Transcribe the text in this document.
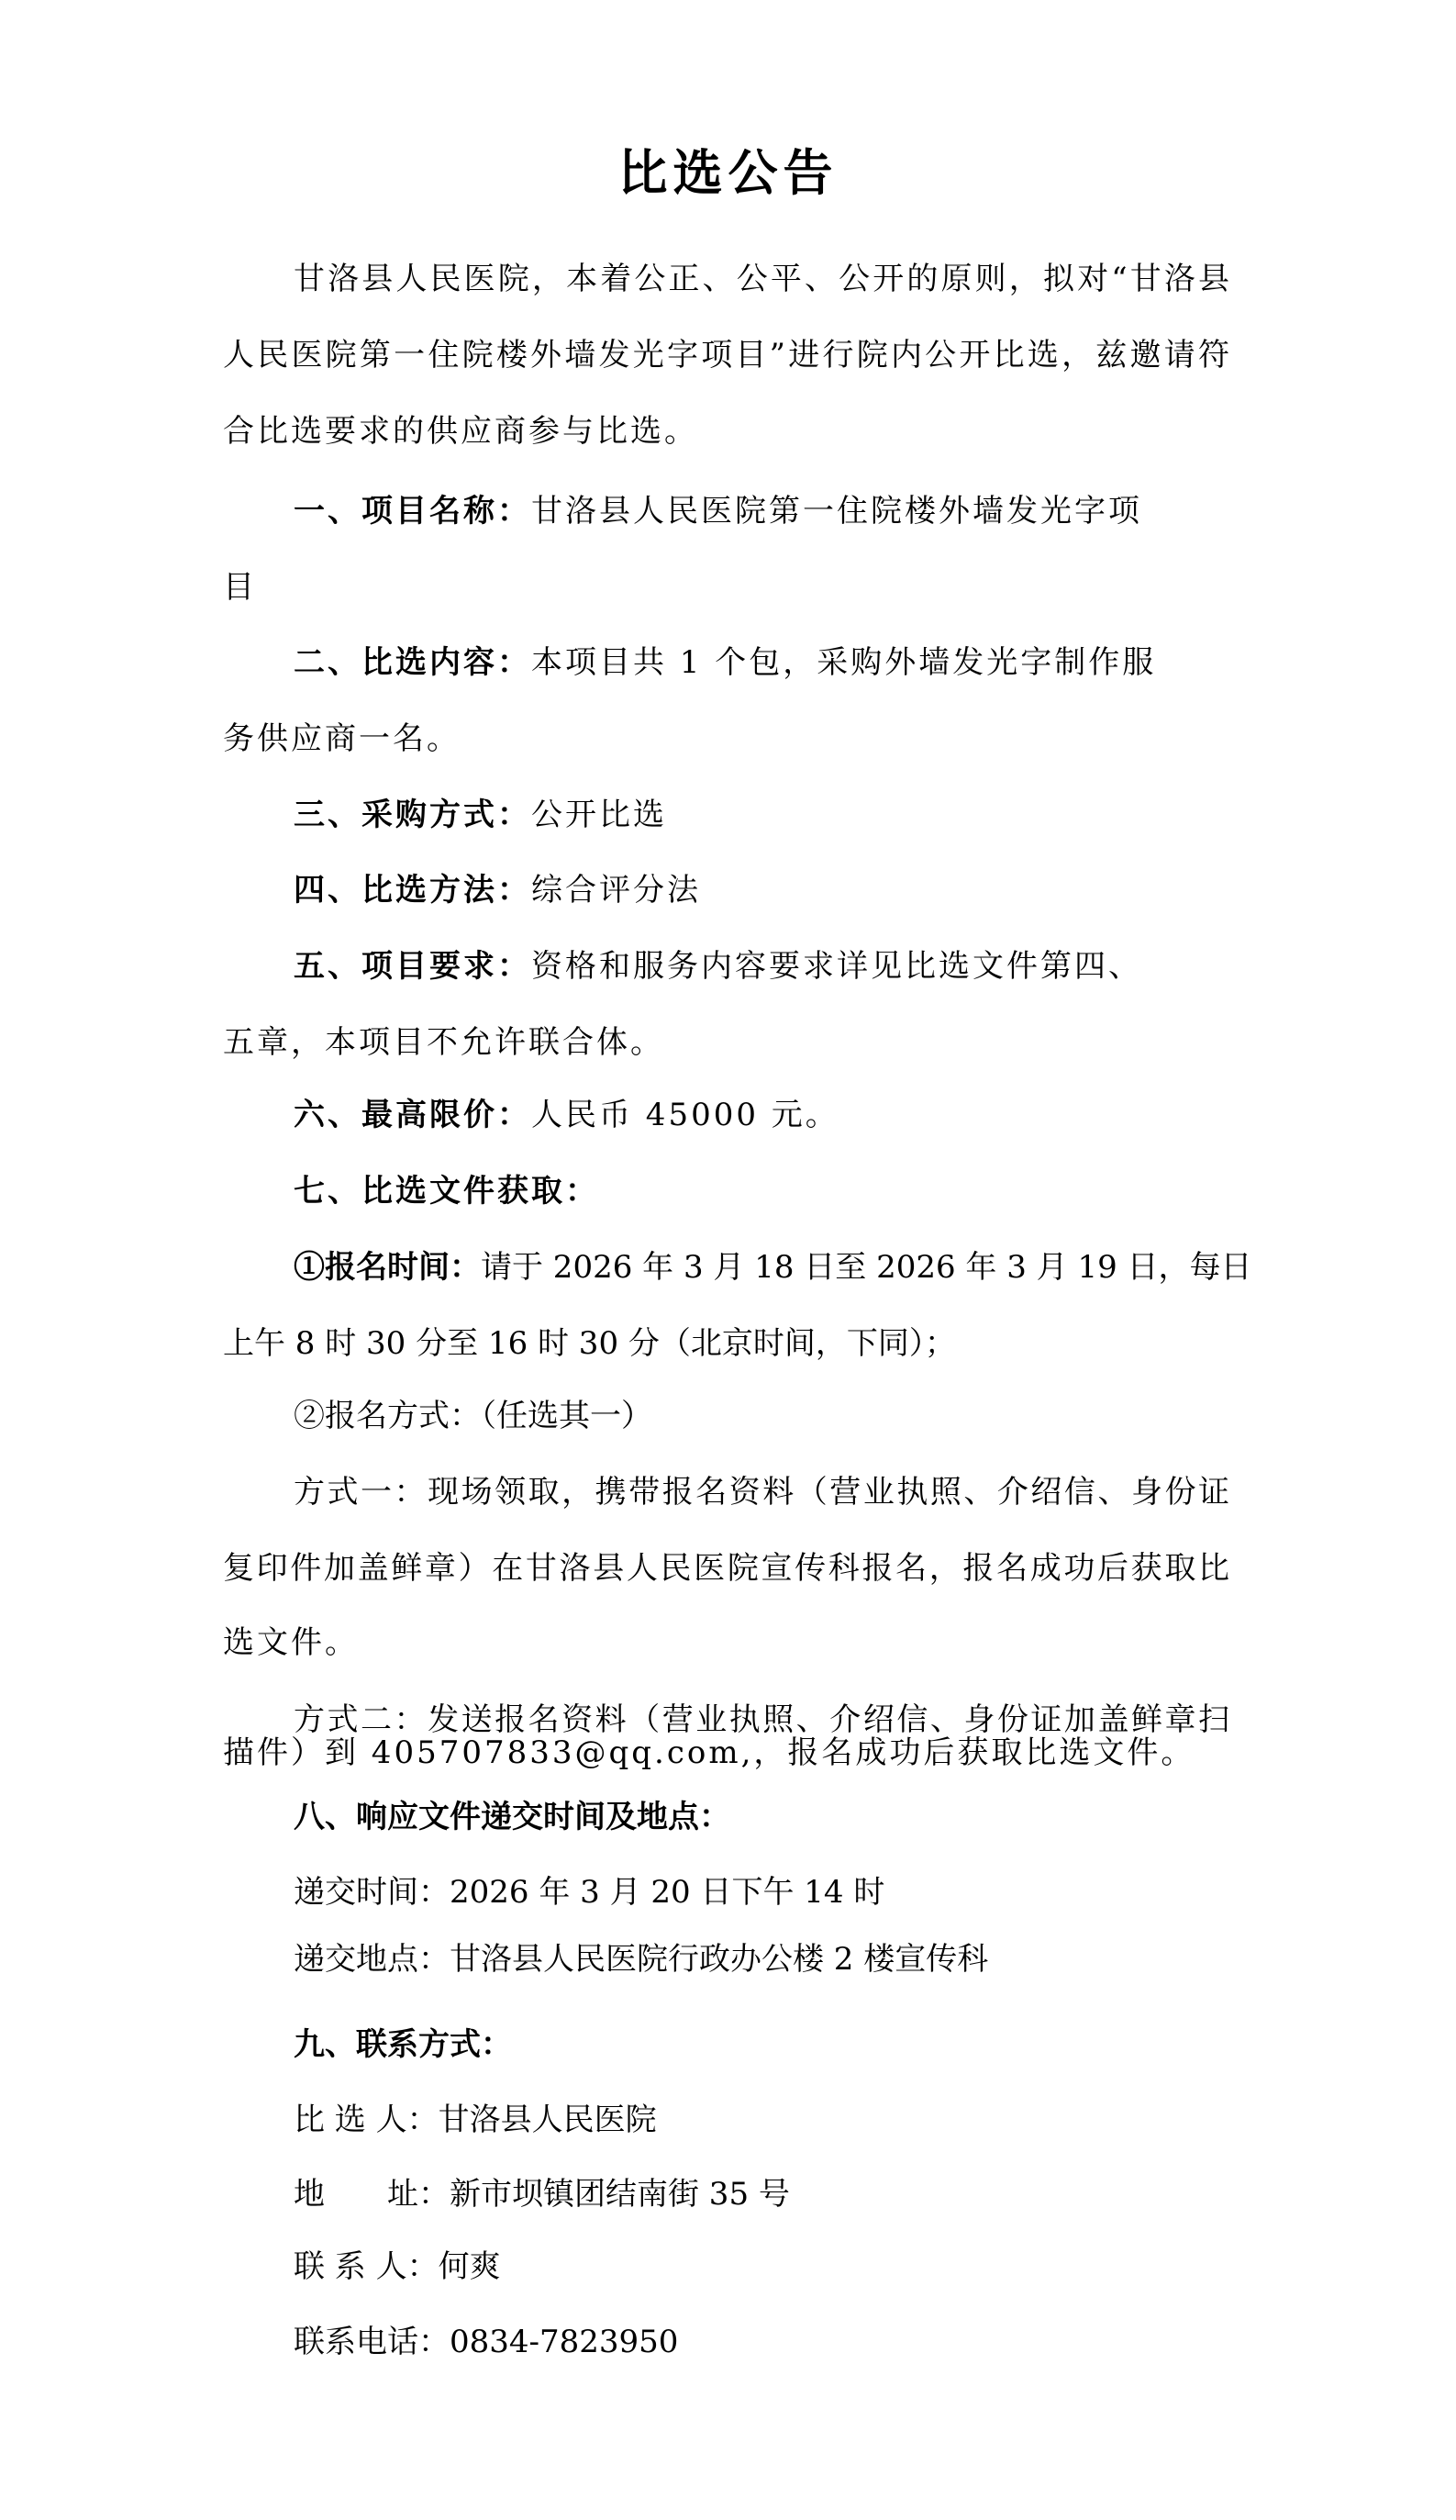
比选公告
甘洛县人民医院，本着公正、公平、公开的原则，拟对“甘洛县
人民医院第一住院楼外墙发光字项目”进行院内公开比选，兹邀请符
合比选要求的供应商参与比选。
一、项目名称：甘洛县人民医院第一住院楼外墙发光字项
目
二、比选内容：本项目共 1 个包，采购外墙发光字制作服
务供应商一名。
三、采购方式：公开比选
四、比选方法：综合评分法
五、项目要求：资格和服务内容要求详见比选文件第四、
五章，本项目不允许联合体。
六、最高限价：人民币 45000 元。
七、比选文件获取：
①报名时间：请于 2026 年 3 月 18 日至 2026 年 3 月 19 日，每日
上午 8 时 30 分至 16 时 30 分（北京时间，下同）；
②报名方式：（任选其一）
方式一：现场领取，携带报名资料（营业执照、介绍信、身份证
复印件加盖鲜章）在甘洛县人民医院宣传科报名，报名成功后获取比
选文件。
方式二：发送报名资料（营业执照、介绍信、身份证加盖鲜章扫
描件）到 405707833@qq.com,，报名成功后获取比选文件。
八、响应文件递交时间及地点：
递交时间：2026 年 3 月 20 日下午 14 时
递交地点：甘洛县人民医院行政办公楼 2 楼宣传科
九、联系方式：
比 选 人：甘洛县人民医院
地　　址：新市坝镇团结南街 35 号
联 系 人：何爽
联系电话：0834-7823950
